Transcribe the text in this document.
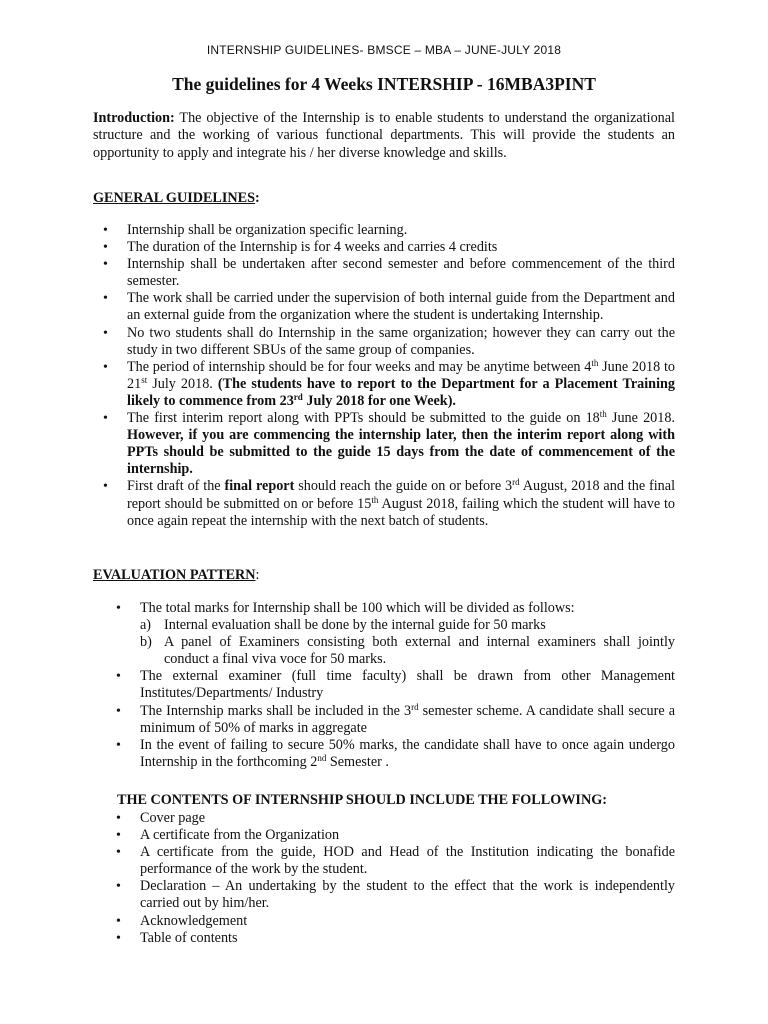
INTERNSHIP GUIDELINES- BMSCE – MBA – JUNE-JULY 2018
The guidelines for 4 Weeks INTERSHIP - 16MBA3PINT

Introduction: The objective of the Internship is to enable students to understand the organizational structure and the working of various functional departments. This will provide the students an opportunity to apply and integrate his / her diverse knowledge and skills.

GENERAL GUIDELINES:

• Internship shall be organization specific learning.
• The duration of the Internship is for 4 weeks and carries 4 credits
• Internship shall be undertaken after second semester and before commencement of the third semester.
• The work shall be carried under the supervision of both internal guide from the Department and an external guide from the organization where the student is undertaking Internship.
• No two students shall do Internship in the same organization; however they can carry out the study in two different SBUs of the same group of companies.
• The period of internship should be for four weeks and may be anytime between 4th June 2018 to 21st July 2018. (The students have to report to the Department for a Placement Training likely to commence from 23rd July 2018 for one Week).
• The first interim report along with PPTs should be submitted to the guide on 18th June 2018. However, if you are commencing the internship later, then the interim report along with PPTs should be submitted to the guide 15 days from the date of commencement of the internship.
• First draft of the final report should reach the guide on or before 3rd August, 2018 and the final report should be submitted on or before 15th August 2018, failing which the student will have to once again repeat the internship with the next batch of students.

EVALUATION PATTERN:

• The total marks for Internship shall be 100 which will be divided as follows:
a) Internal evaluation shall be done by the internal guide for 50 marks
b) A panel of Examiners consisting both external and internal examiners shall jointly conduct a final viva voce for 50 marks.
• The external examiner (full time faculty) shall be drawn from other Management Institutes/Departments/ Industry
• The Internship marks shall be included in the 3rd semester scheme. A candidate shall secure a minimum of 50% of marks in aggregate
• In the event of failing to secure 50% marks, the candidate shall have to once again undergo Internship in the forthcoming 2nd Semester .

THE CONTENTS OF INTERNSHIP SHOULD INCLUDE THE FOLLOWING:

• Cover page
• A certificate from the Organization
• A certificate from the guide, HOD and Head of the Institution indicating the bonafide performance of the work by the student.
• Declaration – An undertaking by the student to the effect that the work is independently carried out by him/her.
• Acknowledgement
• Table of contents
